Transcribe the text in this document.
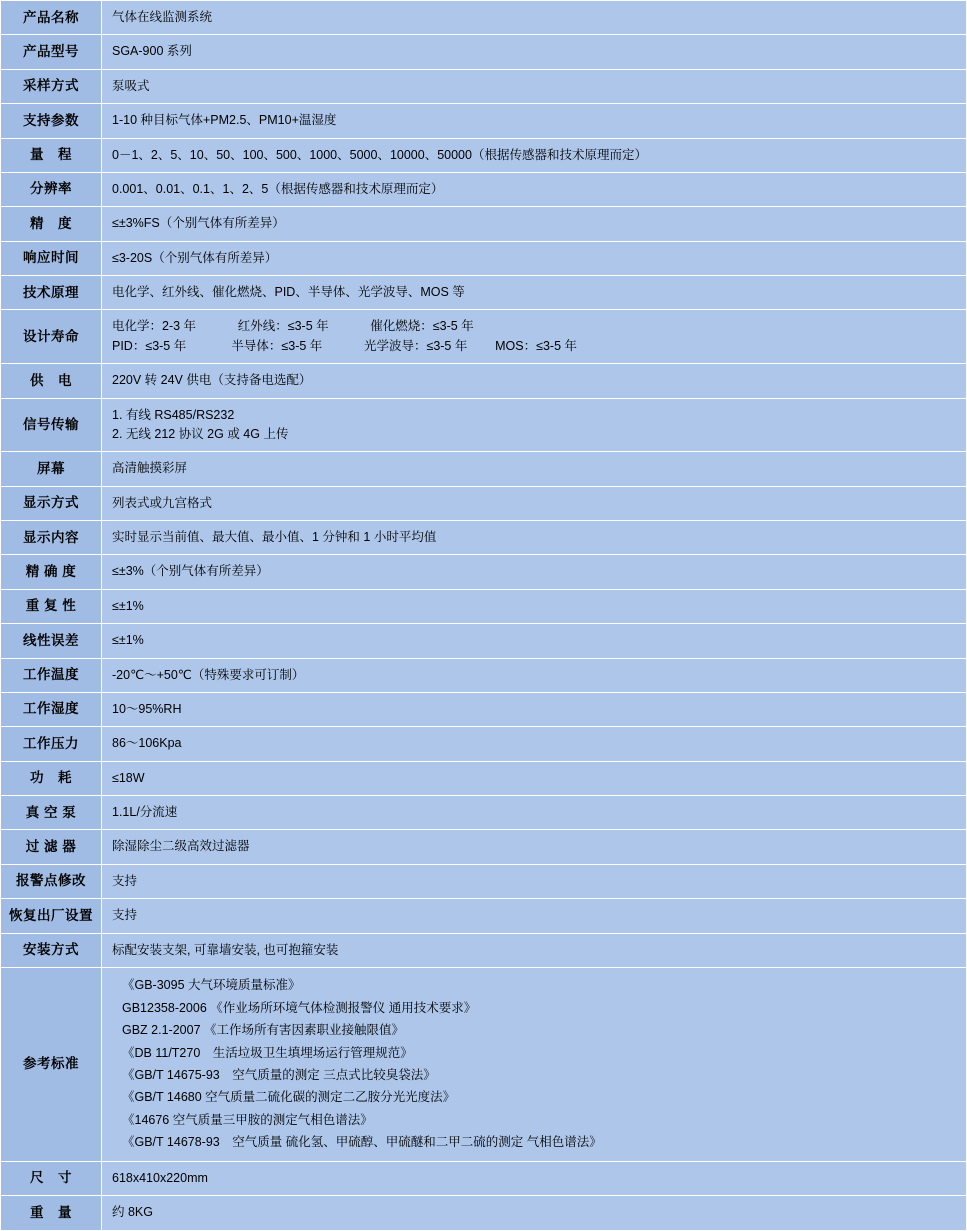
产品名称	气体在线监测系统
产品型号	SGA-900 系列
采样方式	泵吸式
支持参数	1-10 种目标气体+PM2.5、PM10+温湿度
量　程	0－1、2、5、10、50、100、500、1000、5000、10000、50000（根据传感器和技术原理而定）
分辨率	0.001、0.01、0.1、1、2、5（根据传感器和技术原理而定）
精　度	≤±3%FS（个别气体有所差异）
响应时间	≤3-20S（个别气体有所差异）
技术原理	电化学、红外线、催化燃烧、PID、半导体、光学波导、MOS 等
设计寿命	电化学：2-3 年            红外线：≤3-5 年            催化燃烧：≤3-5 年
PID：≤3-5 年             半导体：≤3-5 年            光学波导：≤3-5 年        MOS：≤3-5 年

供　电	220V 转 24V 供电（支持备电选配）
信号传输	1. 有线 RS485/RS232
2. 无线 212 协议 2G 或 4G 上传

屏幕	高清触摸彩屏
显示方式	列表式或九宫格式
显示内容	实时显示当前值、最大值、最小值、1 分钟和 1 小时平均值
精 确 度	≤±3%（个别气体有所差异）
重 复 性	≤±1%
线性误差	≤±1%
工作温度	-20℃～+50℃（特殊要求可订制）
工作湿度	10～95%RH
工作压力	86～106Kpa
功　耗	≤18W
真 空 泵	1.1L/分流速
过 滤 器	除湿除尘二级高效过滤器
报警点修改	支持
恢复出厂设置	支持
安装方式	标配安装支架, 可靠墙安装, 也可抱箍安装
参考标准	
《GB-3095 大气环境质量标准》
GB12358-2006 《作业场所环境气体检测报警仪 通用技术要求》
GBZ 2.1-2007 《工作场所有害因素职业接触限值》
《DB 11/T270　生活垃圾卫生填埋场运行管理规范》
《GB/T 14675-93　空气质量的测定 三点式比较臭袋法》
《GB/T 14680 空气质量二硫化碳的测定二乙胺分光光度法》
《14676 空气质量三甲胺的测定气相色谱法》
《GB/T 14678-93　空气质量 硫化氢、甲硫醇、甲硫醚和二甲二硫的测定 气相色谱法》

尺　寸	618x410x220mm
重　量	约 8KG
